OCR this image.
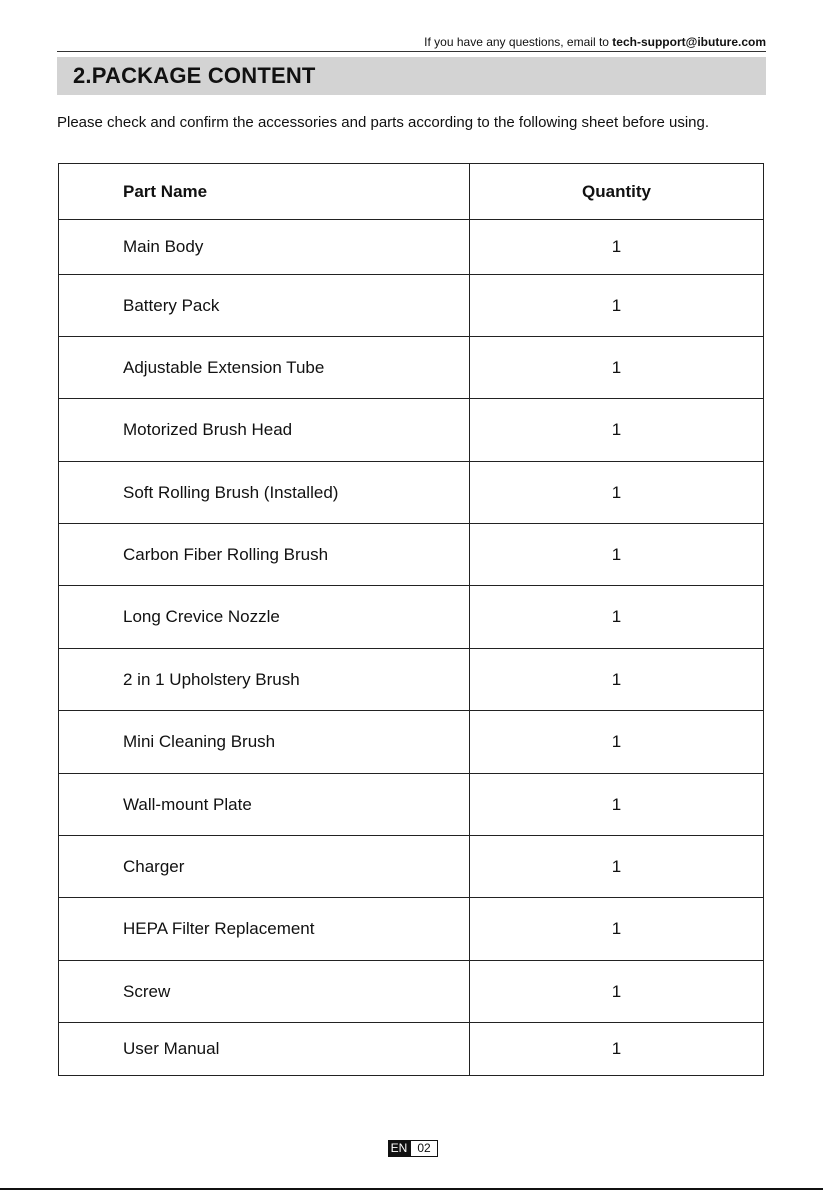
If you have any questions, email to tech-support@ibuture.com
2.PACKAGE CONTENT
Please check and confirm the accessories and parts according to the following sheet before using.
Part Name	Quantity
Main Body	1
Battery Pack	1
Adjustable Extension Tube	1
Motorized Brush Head	1
Soft Rolling Brush (Installed)	1
Carbon Fiber Rolling Brush	1
Long Crevice Nozzle	1
2 in 1 Upholstery Brush	1
Mini Cleaning Brush	1
Wall-mount Plate	1
Charger	1
HEPA Filter Replacement	1
Screw	1
User Manual	1
EN 02
